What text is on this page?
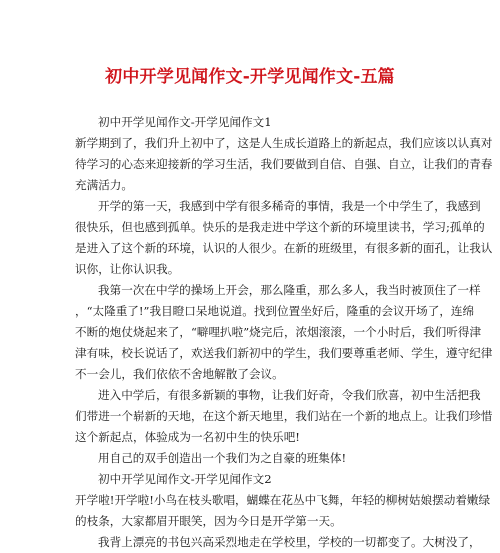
初中开学见闻作文-开学见闻作文-五篇
初中开学见闻作文-开学见闻作文1
新学期到了，我们升上初中了，这是人生成长道路上的新起点，我们应该以认真对
待学习的心态来迎接新的学习生活，我们要做到自信、自强、自立，让我们的青春
充满活力。
开学的第一天，我感到中学有很多稀奇的事情，我是一个中学生了，我感到
很快乐，但也感到孤单。快乐的是我走进中学这个新的环境里读书，学习;孤单的
是进入了这个新的环境，认识的人很少。在新的班级里，有很多新的面孔，让我认
识你，让你认识我。
我第一次在中学的操场上开会，那么隆重，那么多人，我当时被顶住了一样
，“太隆重了!”我目瞪口呆地说道。找到位置坐好后，隆重的会议开场了，连绵
不断的炮仗烧起来了，“噼哩扒啦”烧完后，浓烟滚滚，一个小时后，我们听得津
津有味，校长说话了，欢送我们新初中的学生，我们要尊重老师、学生，遵守纪律
不一会儿，我们依依不舍地解散了会议。
进入中学后，有很多新颖的事物，让我们好奇，令我们欣喜，初中生活把我
们带进一个崭新的天地，在这个新天地里，我们站在一个新的地点上。让我们珍惜
这个新起点，体验成为一名初中生的快乐吧!
用自己的双手创造出一个我们为之自豪的班集体!
初中开学见闻作文-开学见闻作文2
开学啦!开学啦!小鸟在枝头歌唱，蝴蝶在花丛中飞舞，年轻的柳树姑娘摆动着嫩绿
的枝条，大家都眉开眼笑，因为今日是开学第一天。
我背上漂亮的书包兴高采烈地走在学校里，学校的一切都变了。大树没了，
